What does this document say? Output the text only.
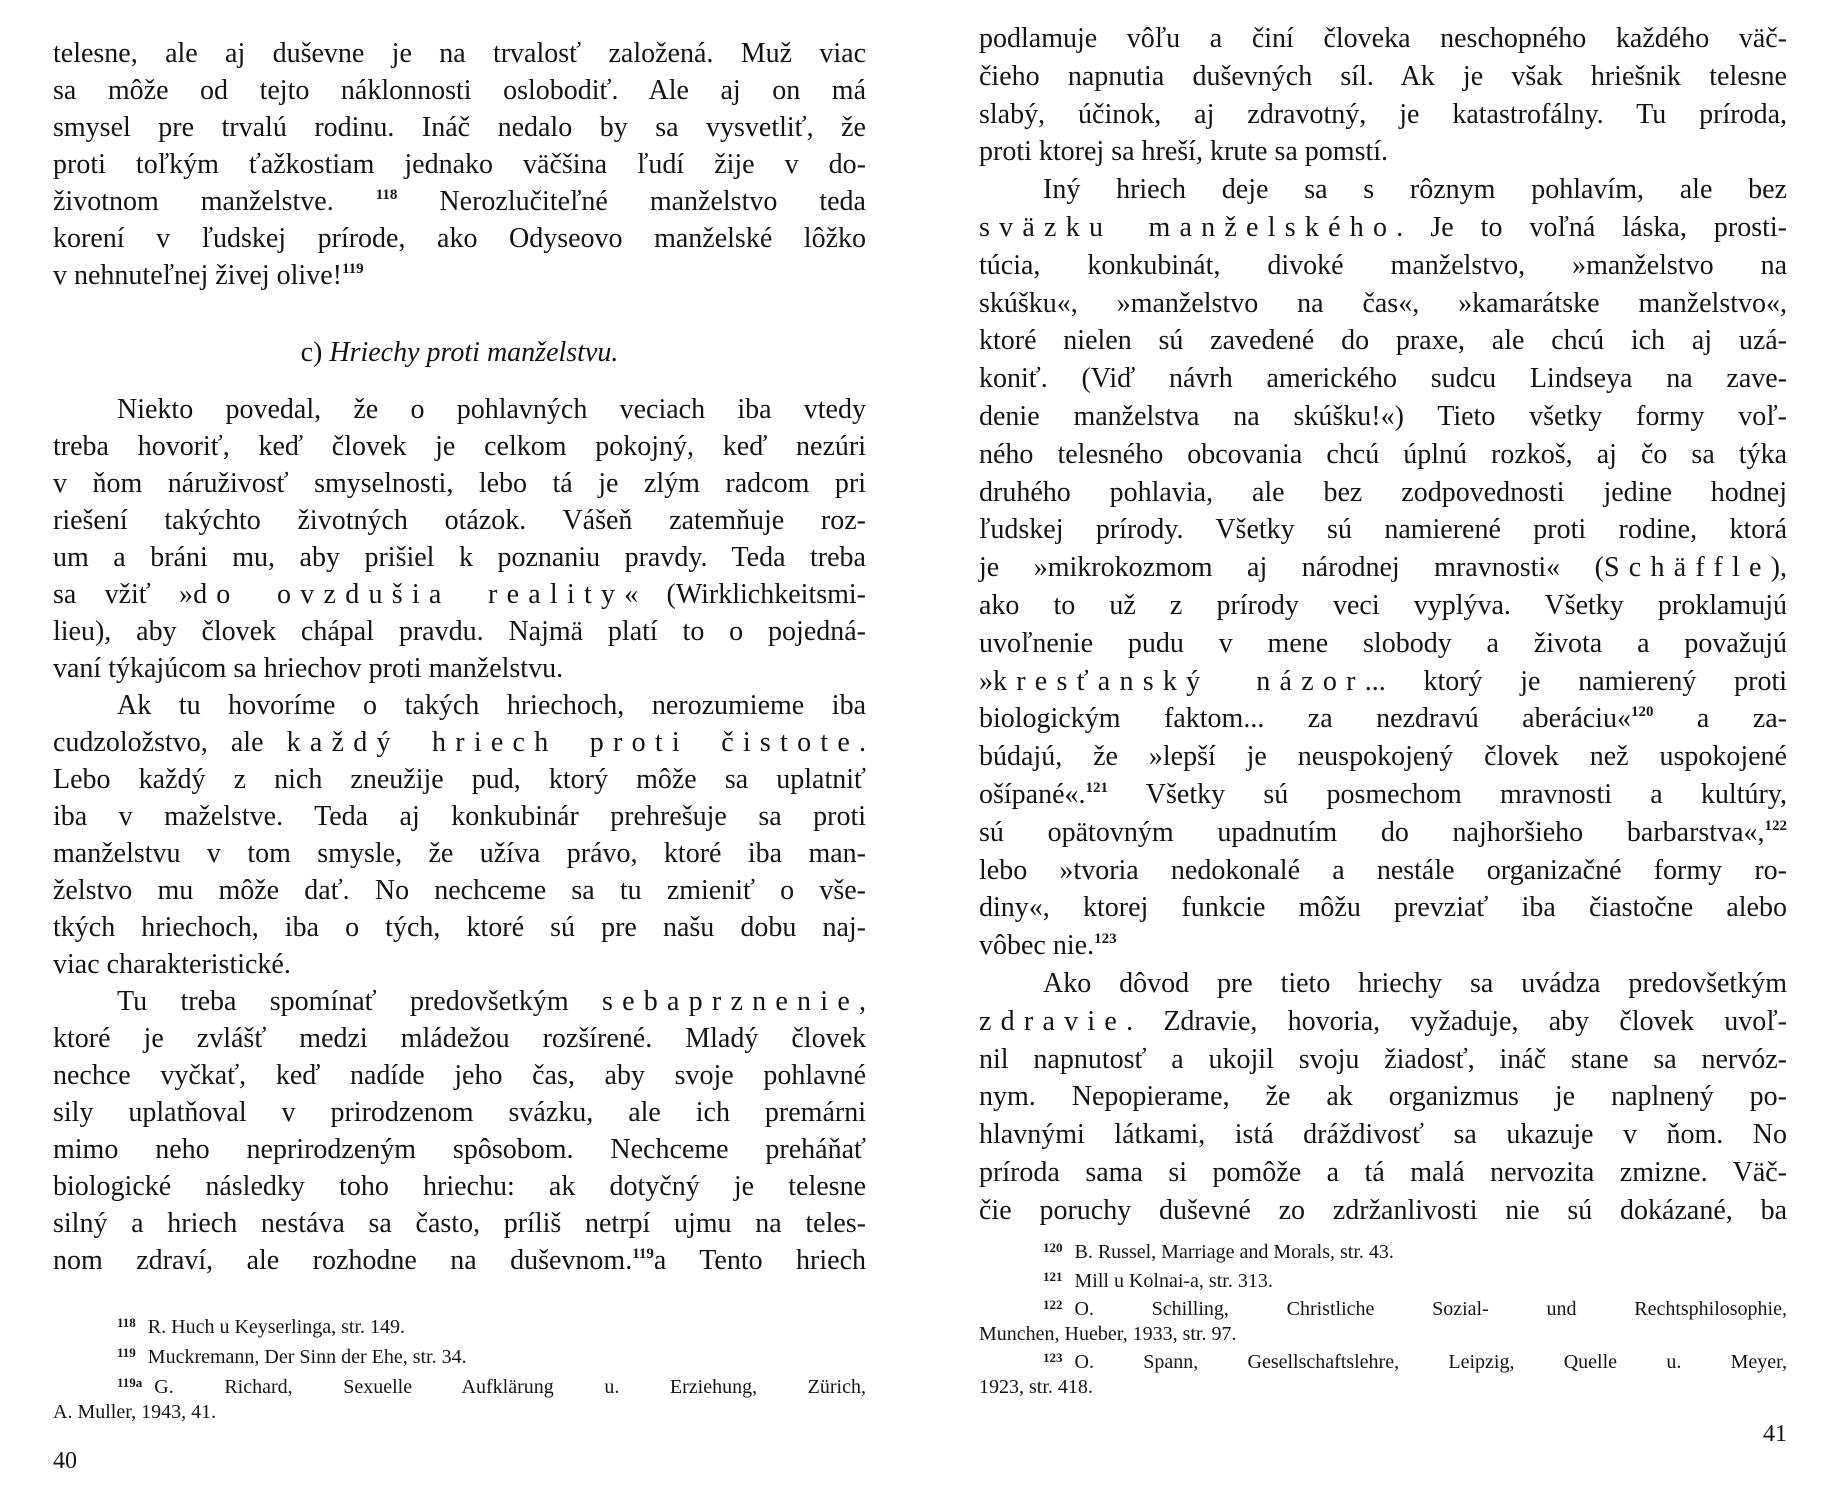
telesne, ale aj duševne je na trvalosť založená. Muž viac
sa môže od tejto náklonnosti oslobodiť. Ale aj on má
smysel pre trvalú rodinu. Ináč nedalo by sa vysvetliť, že
proti toľkým ťažkostiam jednako väčšina ľudí žije v do-
životnom manželstve. $^{118}$ Nerozlučiteľné manželstvo teda
korení v ľudskej prírode, ako Odyseovo manželské lôžko
v nehnuteľnej živej olive!$^{119}$
c) Hriechy proti manželstvu.
Niekto povedal, že o pohlavných veciach iba vtedy
treba hovoriť, keď človek je celkom pokojný, keď nezúri
v ňom náruživosť smyselnosti, lebo tá je zlým radcom pri
riešení takýchto životných otázok. Vášeň zatemňuje roz-
um a bráni mu, aby prišiel k poznaniu pravdy. Teda treba
sa vžiť »do ovzdušia reality« (Wirklichkeitsmi-
lieu), aby človek chápal pravdu. Najmä platí to o pojedná-
vaní týkajúcom sa hriechov proti manželstvu.
Ak tu hovoríme o takých hriechoch, nerozumieme iba
cudzoložstvo, ale každý hriech proti čistote.
Lebo každý z nich zneužije pud, ktorý môže sa uplatniť
iba v maželstve. Teda aj konkubinár prehrešuje sa proti
manželstvu v tom smysle, že užíva právo, ktoré iba man-
želstvo mu môže dať. No nechceme sa tu zmieniť o vše-
tkých hriechoch, iba o tých, ktoré sú pre našu dobu naj-
viac charakteristické.
Tu treba spomínať predovšetkým sebaprznenie,
ktoré je zvlášť medzi mládežou rozšírené. Mladý človek
nechce vyčkať, keď nadíde jeho čas, aby svoje pohlavné
sily uplatňoval v prirodzenom svázku, ale ich premárni
mimo neho neprirodzeným spôsobom. Nechceme preháňať
biologické následky toho hriechu: ak dotyčný je telesne
silný a hriech nestáva sa často, príliš netrpí ujmu na teles-
nom zdraví, ale rozhodne na duševnom.$^{119}$a Tento hriech
$^{118}$ R. Huch u Keyserlinga, str. 149.
$^{119}$ Muckremann, Der Sinn der Ehe, str. 34.
$^{119a}$ G. Richard, Sexuelle Aufklärung u. Erziehung, Zürich,
A. Muller, 1943, 41.
40
podlamuje vôľu a činí človeka neschopného každého väč-
čieho napnutia duševných síl. Ak je však hriešnik telesne
slabý, účinok, aj zdravotný, je katastrofálny. Tu príroda,
proti ktorej sa hreší, krute sa pomstí.
Iný hriech deje sa s rôznym pohlavím, ale bez
sväzku manželského. Je to voľná láska, prosti-
túcia, konkubinát, divoké manželstvo, »manželstvo na
skúšku«, »manželstvo na čas«, »kamarátske manželstvo«,
ktoré nielen sú zavedené do praxe, ale chcú ich aj uzá-
koniť. (Viď návrh amerického sudcu Lindseya na zave-
denie manželstva na skúšku!«) Tieto všetky formy voľ-
ného telesného obcovania chcú úplnú rozkoš, aj čo sa týka
druhého pohlavia, ale bez zodpovednosti jedine hodnej
ľudskej prírody. Všetky sú namierené proti rodine, ktorá
je »mikrokozmom aj národnej mravnosti« (Schäffle),
ako to už z prírody veci vyplýva. Všetky proklamujú
uvoľnenie pudu v mene slobody a života a považujú
»kresťanský názor... ktorý je namierený proti
biologickým faktom... za nezdravú aberáciu«$^{120}$ a za-
búdajú, že »lepší je neuspokojený človek než uspokojené
ošípané«.$^{121}$ Všetky sú posmechom mravnosti a kultúry,
sú opätovným upadnutím do najhoršieho barbarstva«,$^{122}$
lebo »tvoria nedokonalé a nestále organizačné formy ro-
diny«, ktorej funkcie môžu prevziať iba čiastočne alebo
vôbec nie.$^{123}$
Ako dôvod pre tieto hriechy sa uvádza predovšetkým
zdravie. Zdravie, hovoria, vyžaduje, aby človek uvoľ-
nil napnutosť a ukojil svoju žiadosť, ináč stane sa nervóz-
nym. Nepopierame, že ak organizmus je naplnený po-
hlavnými látkami, istá dráždivosť sa ukazuje v ňom. No
príroda sama si pomôže a tá malá nervozita zmizne. Väč-
čie poruchy duševné zo zdržanlivosti nie sú dokázané, ba
$^{120}$ B. Russel, Marriage and Morals, str. 43.
$^{121}$ Mill u Kolnai-a, str. 313.
$^{122}$ O. Schilling, Christliche Sozial- und Rechtsphilosophie,
Munchen, Hueber, 1933, str. 97.
$^{123}$ O. Spann, Gesellschaftslehre, Leipzig, Quelle u. Meyer,
1923, str. 418.
41
